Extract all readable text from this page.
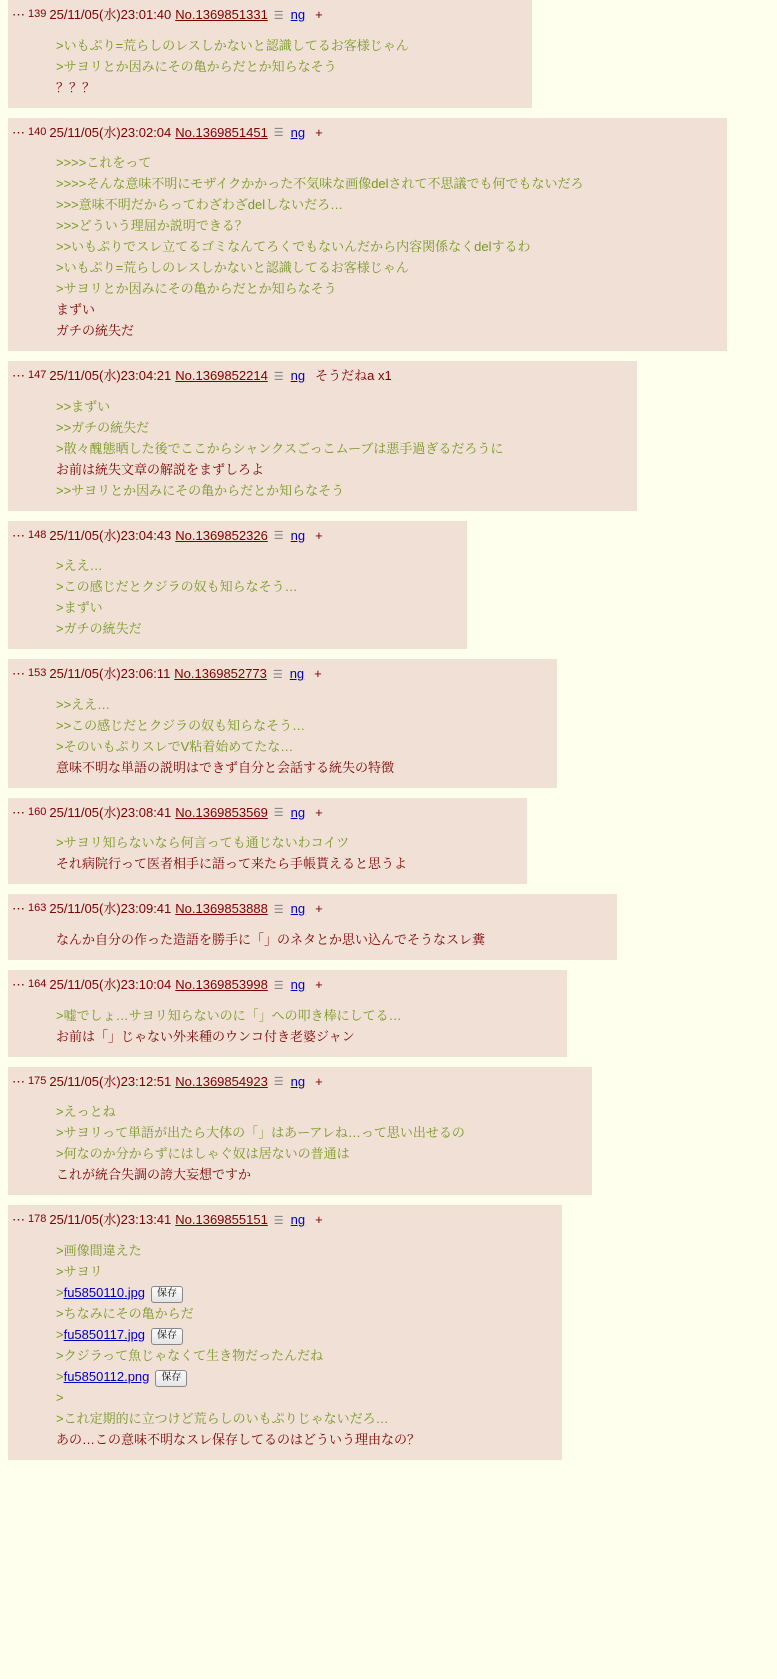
⋯ $^{139}$ 25/11/05(水)23:01:40 No.1369851331 ☰ ng +
>いもぷり=荒らしのレスしかないと認識してるお客様じゃん
>サヨリとか因みにその亀からだとか知らなそう
？？？
⋯ $^{140}$ 25/11/05(水)23:02:04 No.1369851451 ☰ ng +
>>>>これをって
>>>>そんな意味不明にモザイクかかった不気味な画像delされて不思議でも何でもないだろ
>>>意味不明だからってわざわざdelしないだろ…
>>>どういう理屈か説明できる？
>>いもぷりでスレ立てるゴミなんてろくでもないんだから内容関係なくdelするわ
>いもぷり=荒らしのレスしかないと認識してるお客様じゃん
>サヨリとか因みにその亀からだとか知らなそう
まずい
ガチの統失だ
⋯ $^{147}$ 25/11/05(水)23:04:21 No.1369852214 ☰ ng そうだねa x1
>>まずい
>>ガチの統失だ
>散々醜態晒した後でここからシャンクスごっこムーブは悪手過ぎるだろうに
お前は統失文章の解説をまずしろよ
>>サヨリとか因みにその亀からだとか知らなそう
⋯ $^{148}$ 25/11/05(水)23:04:43 No.1369852326 ☰ ng +
>ええ…
>この感じだとクジラの奴も知らなそう…
>まずい
>ガチの統失だ
⋯ $^{153}$ 25/11/05(水)23:06:11 No.1369852773 ☰ ng +
>>ええ…
>>この感じだとクジラの奴も知らなそう…
>そのいもぷりスレでV粘着始めてたな…
意味不明な単語の説明はできず自分と会話する統失の特徴
⋯ $^{160}$ 25/11/05(水)23:08:41 No.1369853569 ☰ ng +
>サヨリ知らないなら何言っても通じないわコイツ
それ病院行って医者相手に語って来たら手帳貰えると思うよ
⋯ $^{163}$ 25/11/05(水)23:09:41 No.1369853888 ☰ ng +
なんか自分の作った造語を勝手に「」のネタとか思い込んでそうなスレ糞
⋯ $^{164}$ 25/11/05(水)23:10:04 No.1369853998 ☰ ng +
>嘘でしょ…サヨリ知らないのに「」への叩き棒にしてる…
お前は「」じゃない外来種のウンコ付き老婆ジャン
⋯ $^{175}$ 25/11/05(水)23:12:51 No.1369854923 ☰ ng +
>えっとね
>サヨリって単語が出たら大体の「」はあーアレね…って思い出せるの
>何なのか分からずにはしゃぐ奴は居ないの普通は
これが統合失調の誇大妄想ですか
⋯ $^{178}$ 25/11/05(水)23:13:41 No.1369855151 ☰ ng +
>画像間違えた
>サヨリ
>fu5850110.jpg 保存
>ちなみにその亀からだ
>fu5850117.jpg 保存
>クジラって魚じゃなくて生き物だったんだね
>fu5850112.png 保存
>
>これ定期的に立つけど荒らしのいもぷりじゃないだろ…
あの…この意味不明なスレ保存してるのはどういう理由なの？
